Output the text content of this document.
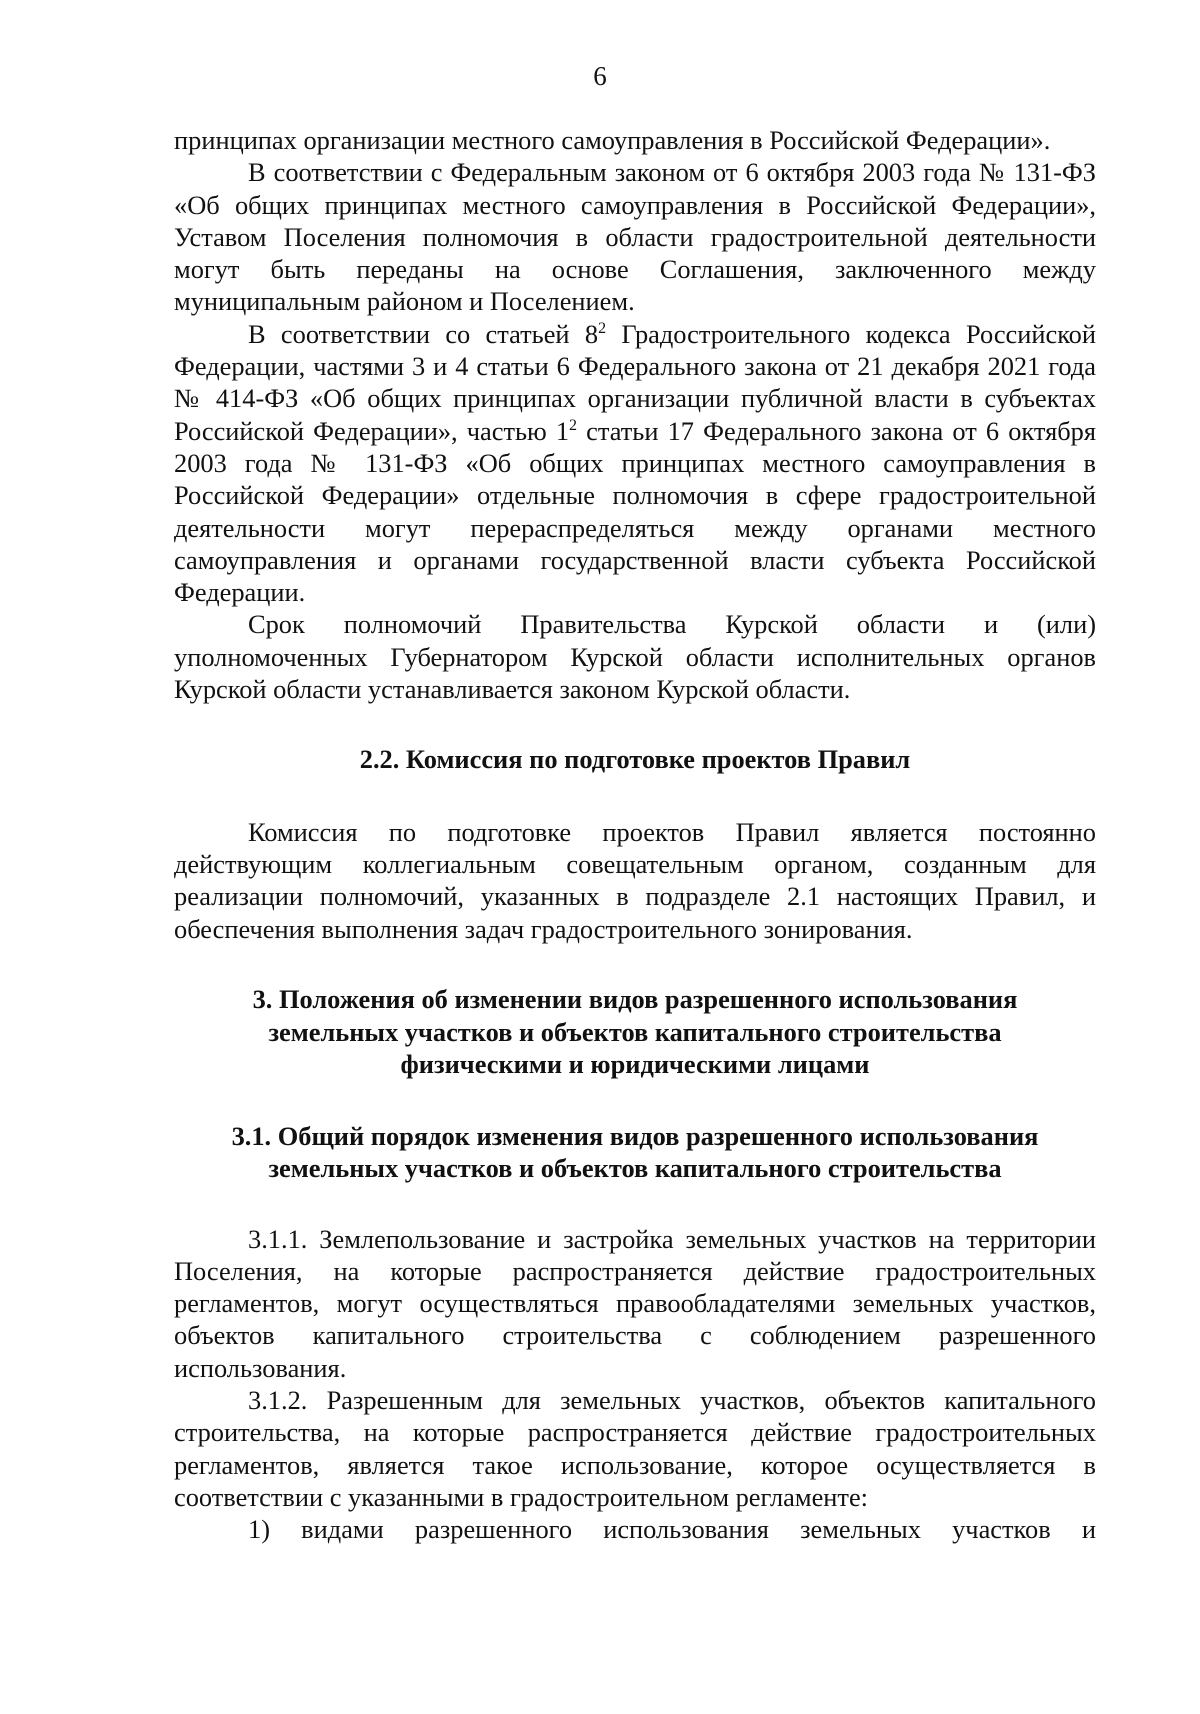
6

принципах организации местного самоуправления в Российской Федерации».

В соответствии с Федеральным законом от 6 октября 2003 года № 131-ФЗ «Об общих принципах местного самоуправления в Российской Федерации», Уставом Поселения полномочия в области градостроительной деятельности могут быть переданы на основе Соглашения, заключенного между муниципальным районом и Поселением.

В соответствии со статьей $8^2$ Градостроительного кодекса Российской Федерации, частями 3 и 4 статьи 6 Федерального закона от 21 декабря 2021 года № 414-ФЗ «Об общих принципах организации публичной власти в субъектах Российской Федерации», частью $1^2$ статьи 17 Федерального закона от 6 октября 2003 года № 131-ФЗ «Об общих принципах местного самоуправления в Российской Федерации» отдельные полномочия в сфере градостроительной деятельности могут перераспределяться между органами местного самоуправления и органами государственной власти субъекта Российской Федерации.

Срок полномочий Правительства Курской области и (или) уполномоченных Губернатором Курской области исполнительных органов Курской области устанавливается законом Курской области.

2.2. Комиссия по подготовке проектов Правил

Комиссия по подготовке проектов Правил является постоянно действующим коллегиальным совещательным органом, созданным для реализации полномочий, указанных в подразделе 2.1 настоящих Правил, и обеспечения выполнения задач градостроительного зонирования.

3. Положения об изменении видов разрешенного использования

земельных участков и объектов капитального строительства

физическими и юридическими лицами

3.1. Общий порядок изменения видов разрешенного использования

земельных участков и объектов капитального строительства

3.1.1. Землепользование и застройка земельных участков на территории Поселения, на которые распространяется действие градостроительных регламентов, могут осуществляться правообладателями земельных участков, объектов капитального строительства с соблюдением разрешенного использования.

3.1.2. Разрешенным для земельных участков, объектов капитального строительства, на которые распространяется действие градостроительных регламентов, является такое использование, которое осуществляется в соответствии с указанными в градостроительном регламенте:

1) видами разрешенного использования земельных участков и
